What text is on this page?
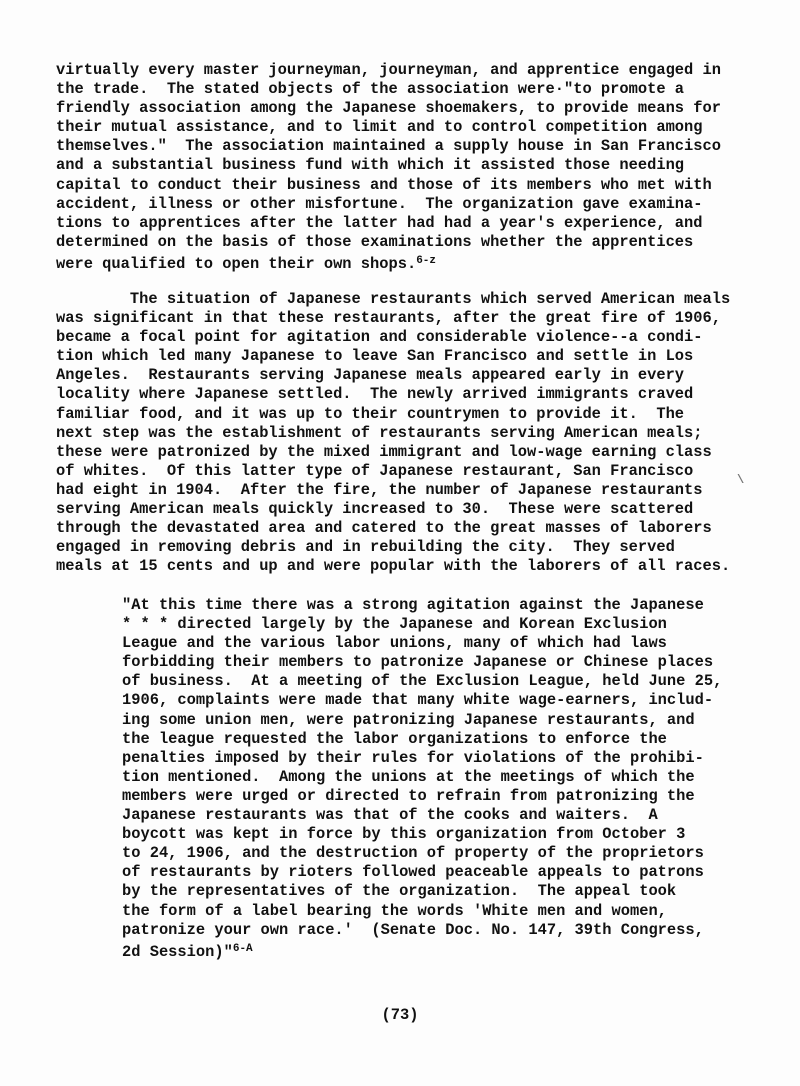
virtually every master journeyman, journeyman, and apprentice engaged in
the trade.  The stated objects of the association were·"to promote a
friendly association among the Japanese shoemakers, to provide means for
their mutual assistance, and to limit and to control competition among
themselves."  The association maintained a supply house in San Francisco
and a substantial business fund with which it assisted those needing
capital to conduct their business and those of its members who met with
accident, illness or other misfortune.  The organization gave examina-
tions to apprentices after the latter had had a year's experience, and
determined on the basis of those examinations whether the apprentices
were qualified to open their own shops.$^{6-z}$
The situation of Japanese restaurants which served American meals
was significant in that these restaurants, after the great fire of 1906,
became a focal point for agitation and considerable violence--a condi-
tion which led many Japanese to leave San Francisco and settle in Los
Angeles.  Restaurants serving Japanese meals appeared early in every
locality where Japanese settled.  The newly arrived immigrants craved
familiar food, and it was up to their countrymen to provide it.  The
next step was the establishment of restaurants serving American meals;
these were patronized by the mixed immigrant and low-wage earning class
of whites.  Of this latter type of Japanese restaurant, San Francisco
had eight in 1904.  After the fire, the number of Japanese restaurants
serving American meals quickly increased to 30.  These were scattered
through the devastated area and catered to the great masses of laborers
engaged in removing debris and in rebuilding the city.  They served
meals at 15 cents and up and were popular with the laborers of all races.
\
"At this time there was a strong agitation against the Japanese
* * * directed largely by the Japanese and Korean Exclusion
League and the various labor unions, many of which had laws
forbidding their members to patronize Japanese or Chinese places
of business.  At a meeting of the Exclusion League, held June 25,
1906, complaints were made that many white wage-earners, includ-
ing some union men, were patronizing Japanese restaurants, and
the league requested the labor organizations to enforce the
penalties imposed by their rules for violations of the prohibi-
tion mentioned.  Among the unions at the meetings of which the
members were urged or directed to refrain from patronizing the
Japanese restaurants was that of the cooks and waiters.  A
boycott was kept in force by this organization from October 3
to 24, 1906, and the destruction of property of the proprietors
of restaurants by rioters followed peaceable appeals to patrons
by the representatives of the organization.  The appeal took
the form of a label bearing the words 'White men and women,
patronize your own race.'  (Senate Doc. No. 147, 39th Congress,
2d Session)"$^{6-A}$
(73)
